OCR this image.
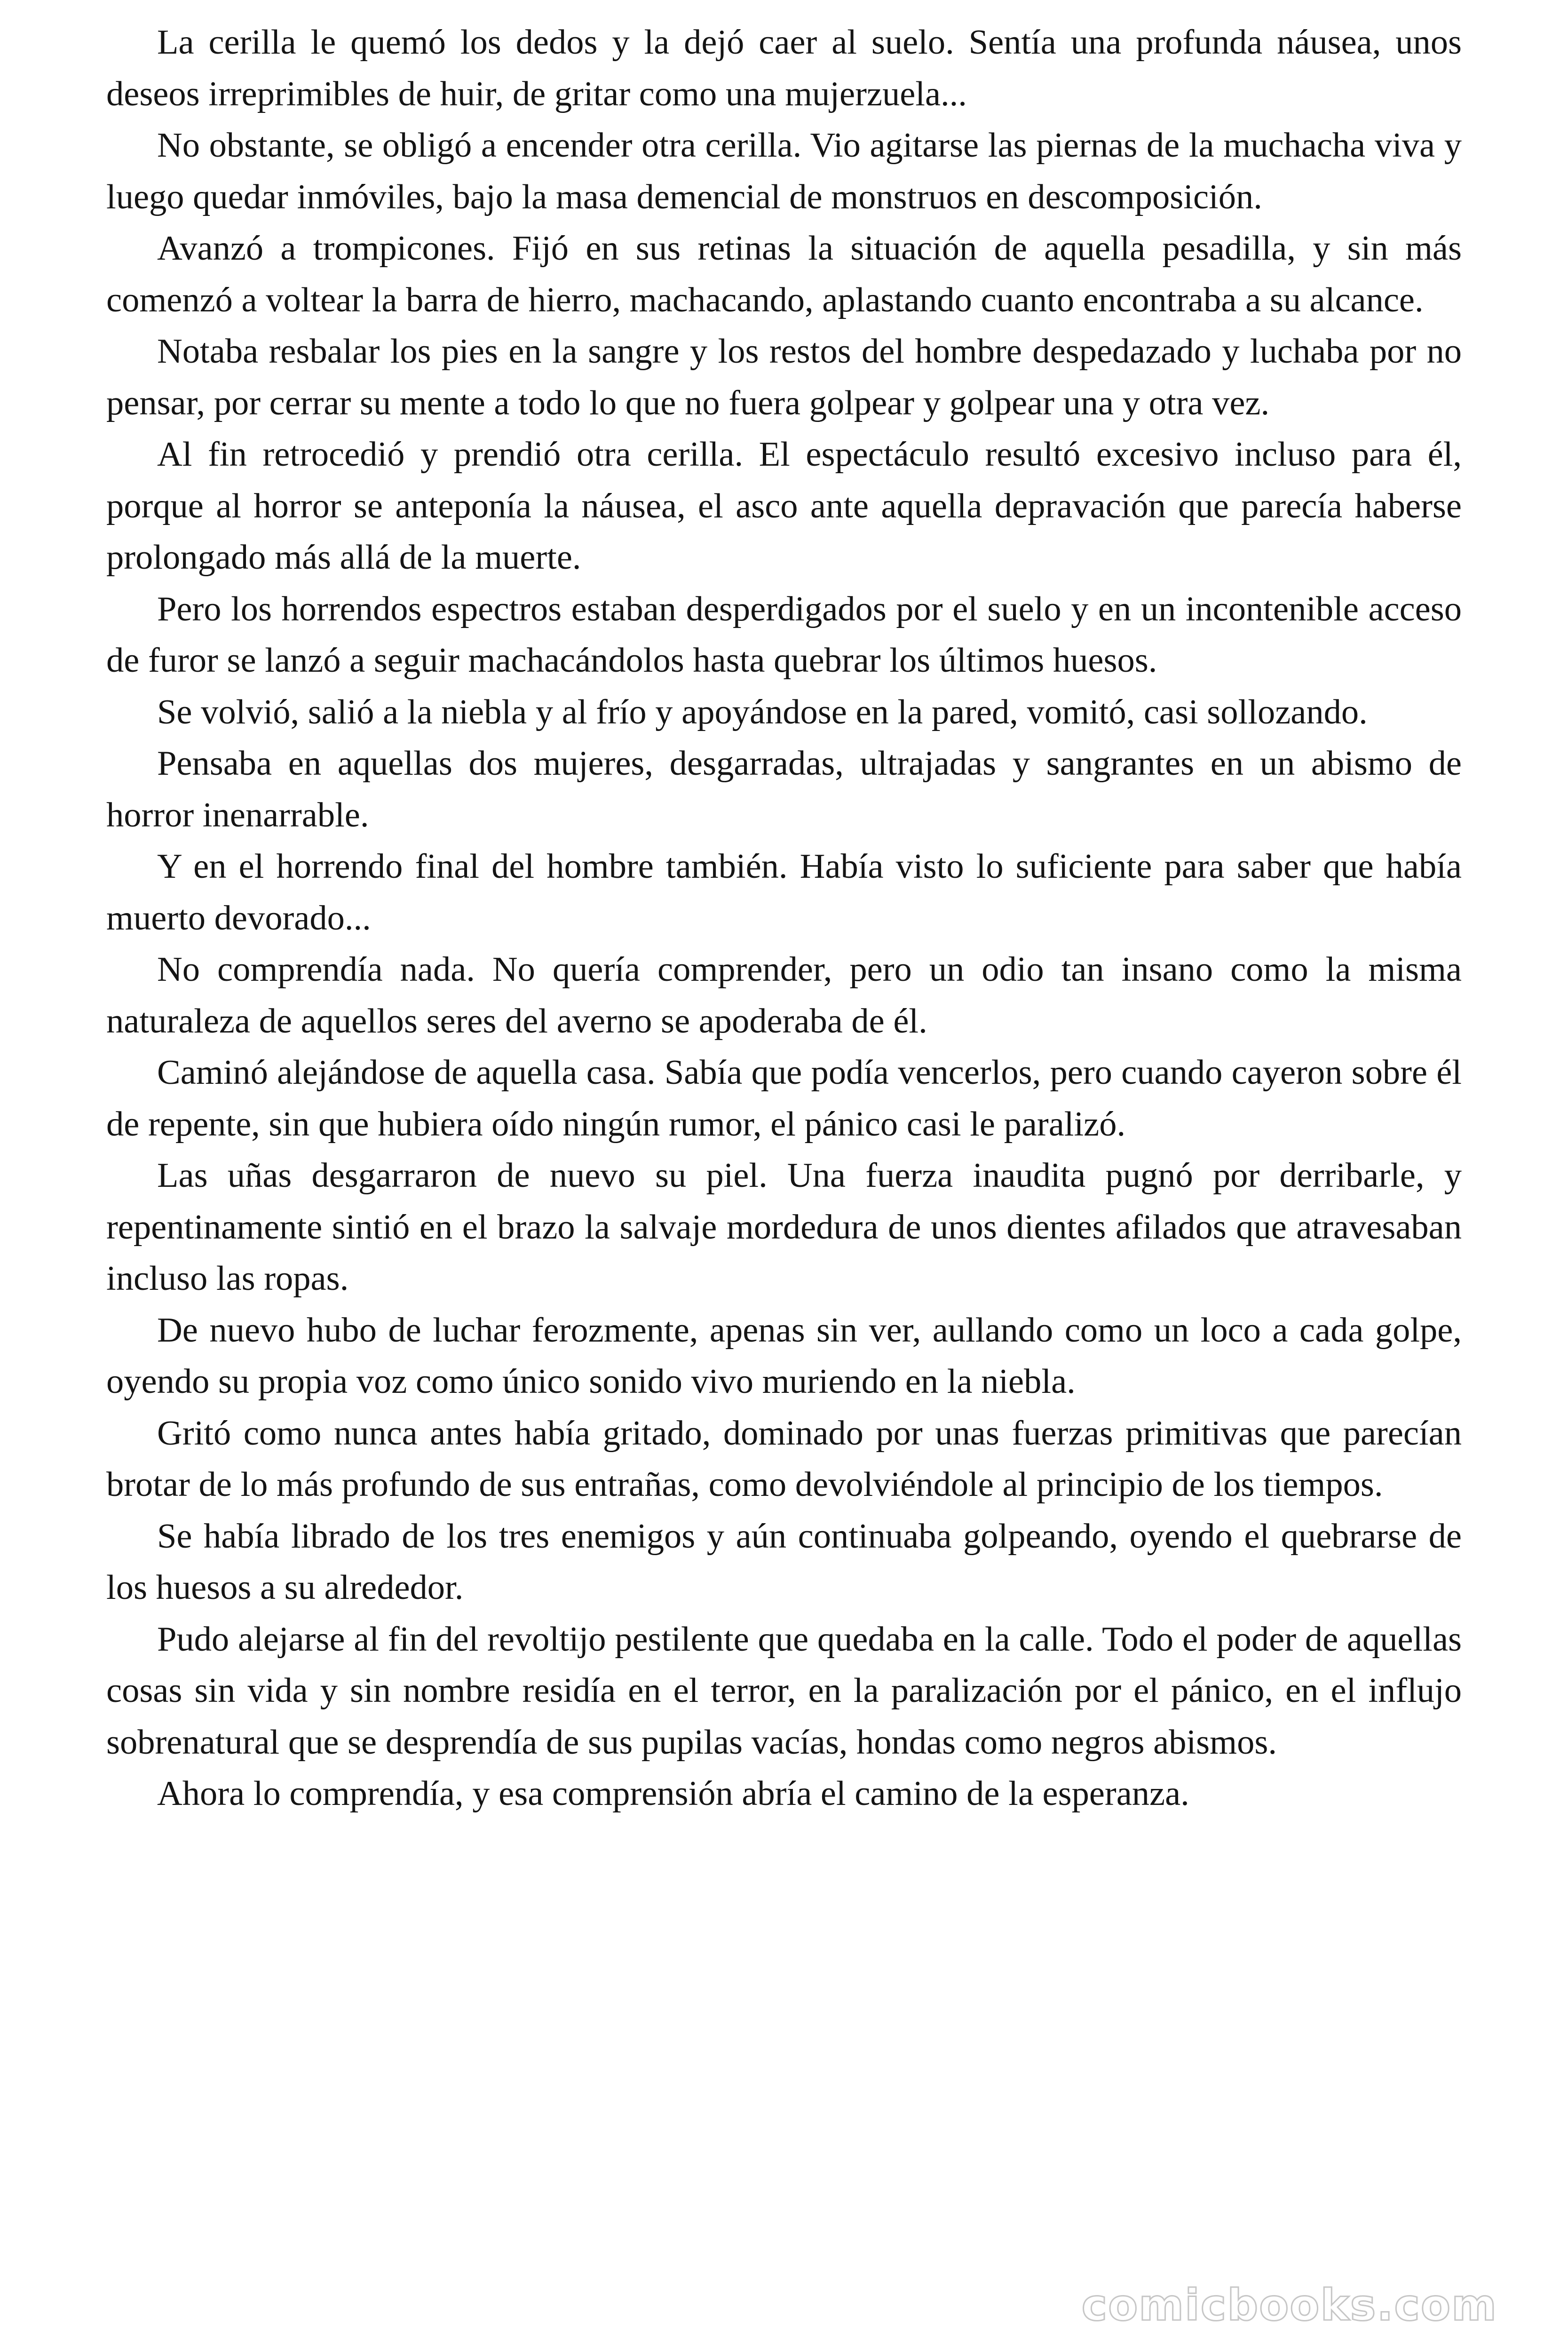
La cerilla le quemó los dedos y la dejó caer al suelo. Sentía una profunda náusea, unos deseos irreprimibles de huir, de gritar como una mujerzuela...

No obstante, se obligó a encender otra cerilla. Vio agitarse las piernas de la muchacha viva y luego quedar inmóviles, bajo la masa demencial de monstruos en descomposición.

Avanzó a trompicones. Fijó en sus retinas la situación de aquella pesadilla, y sin más comenzó a voltear la barra de hierro, machacando, aplastando cuanto encontraba a su alcance.

Notaba resbalar los pies en la sangre y los restos del hombre despedazado y luchaba por no pensar, por cerrar su mente a todo lo que no fuera golpear y golpear una y otra vez.

Al fin retrocedió y prendió otra cerilla. El espectáculo resultó excesivo incluso para él, porque al horror se anteponía la náusea, el asco ante aquella depravación que parecía haberse prolongado más allá de la muerte.

Pero los horrendos espectros estaban desperdigados por el suelo y en un incontenible acceso de furor se lanzó a seguir machacándolos hasta quebrar los últimos huesos.

Se volvió, salió a la niebla y al frío y apoyándose en la pared, vomitó, casi sollozando.

Pensaba en aquellas dos mujeres, desgarradas, ultrajadas y sangrantes en un abismo de horror inenarrable.

Y en el horrendo final del hombre también. Había visto lo suficiente para saber que había muerto devorado...

No comprendía nada. No quería comprender, pero un odio tan insano como la misma naturaleza de aquellos seres del averno se apoderaba de él.

Caminó alejándose de aquella casa. Sabía que podía vencerlos, pero cuando cayeron sobre él de repente, sin que hubiera oído ningún rumor, el pánico casi le paralizó.

Las uñas desgarraron de nuevo su piel. Una fuerza inaudita pugnó por derribarle, y repentinamente sintió en el brazo la salvaje mordedura de unos dientes afilados que atravesaban incluso las ropas.

De nuevo hubo de luchar ferozmente, apenas sin ver, aullando como un loco a cada golpe, oyendo su propia voz como único sonido vivo muriendo en la niebla.

Gritó como nunca antes había gritado, dominado por unas fuerzas primitivas que parecían brotar de lo más profundo de sus entrañas, como devolviéndole al principio de los tiempos.

Se había librado de los tres enemigos y aún continuaba golpeando, oyendo el quebrarse de los huesos a su alrededor.

Pudo alejarse al fin del revoltijo pestilente que quedaba en la calle. Todo el poder de aquellas cosas sin vida y sin nombre residía en el terror, en la paralización por el pánico, en el influjo sobrenatural que se desprendía de sus pupilas vacías, hondas como negros abismos.

Ahora lo comprendía, y esa comprensión abría el camino de la esperanza.

comicbooks.com
